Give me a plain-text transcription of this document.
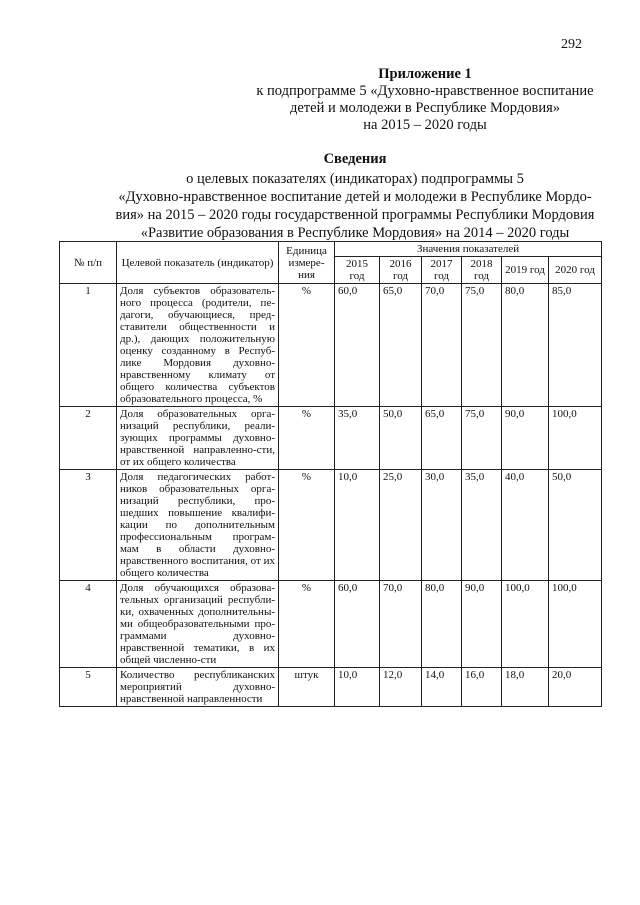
292
Приложение 1
к подпрограмме 5 «Духовно-нравственное воспитание
детей и молодежи в Республике Мордовия»
на 2015 – 2020 годы
Сведения
о целевых показателях (индикаторах) подпрограммы 5
«Духовно-нравственное воспитание детей и молодежи в Республике Мордо-
вия» на 2015 – 2020 годы государственной программы Республики Мордовия
«Развитие образования в Республике Мордовия» на 2014 – 2020 годы
№ п/п	Целевой показатель (индикатор)	Единица измере-ния	Значения показателей					
			2015 год	2016 год	2017 год	2018 год	2019 год	2020 год
1	Доля субъектов образователь-ного процесса (родители, пе-дагоги, обучающиеся, пред-ставители общественности и др.), дающих положительную оценку созданному в Респуб-лике Мордовия духовно-нравственному климату от общего количества субъектов образовательного процесса, %	%	60,0	65,0	70,0	75,0	80,0	85,0
2	Доля образовательных орга-низаций республики, реали-зующих программы духовно-нравственной направленно-сти, от их общего количества	%	35,0	50,0	65,0	75,0	90,0	100,0
3	Доля педагогических работ-ников образовательных орга-низаций республики, про-шедших повышение квалифи-кации по дополнительным профессиональным програм-мам в области духовно-нравственного воспитания, от их общего количества	%	10,0	25,0	30,0	35,0	40,0	50,0
4	Доля обучающихся образова-тельных организаций республи-ки, охваченных дополнительны-ми общеобразовательными про-граммами духовно-нравственной тематики, в их общей численно-сти	%	60,0	70,0	80,0	90,0	100,0	100,0
5	Количество республиканских мероприятий духовно-нравственной направленности	штук	10,0	12,0	14,0	16,0	18,0	20,0
